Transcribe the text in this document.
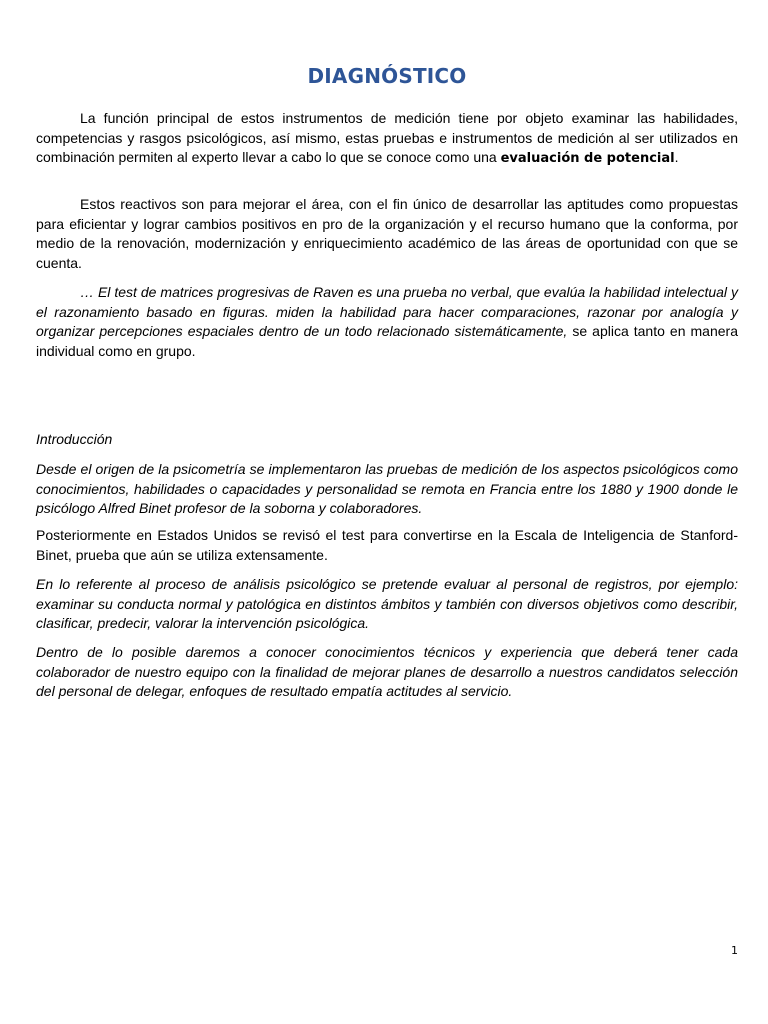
DIAGNÓSTICO

La función principal de estos instrumentos de medición tiene por objeto examinar las habilidades, competencias y rasgos psicológicos, así mismo, estas pruebas e instrumentos de medición al ser utilizados en combinación permiten al experto llevar a cabo lo que se conoce como una evaluación de potencial.

Estos reactivos son para mejorar el área, con el fin único de desarrollar las aptitudes como propuestas para eficientar y lograr cambios positivos en pro de la organización y el recurso humano que la conforma, por medio de la renovación, modernización y enriquecimiento académico de las áreas de oportunidad con que se cuenta.

… El test de matrices progresivas de Raven es una prueba no verbal, que evalúa la habilidad intelectual y el razonamiento basado en figuras. miden la habilidad para hacer comparaciones, razonar por analogía y organizar percepciones espaciales dentro de un todo relacionado sistemáticamente, se aplica tanto en manera individual como en grupo.

Introducción

Desde el origen de la psicometría se implementaron las pruebas de medición de los aspectos psicológicos como conocimientos, habilidades o capacidades y personalidad se remota en Francia entre los 1880 y 1900 donde le psicólogo Alfred Binet profesor de la soborna y colaboradores.

Posteriormente en Estados Unidos se revisó el test para convertirse en la Escala de Inteligencia de Stanford-Binet, prueba que aún se utiliza extensamente.

En lo referente al proceso de análisis psicológico se pretende evaluar al personal de registros, por ejemplo: examinar su conducta normal y patológica en distintos ámbitos y también con diversos objetivos como describir, clasificar, predecir, valorar la intervención psicológica.

Dentro de lo posible daremos a conocer conocimientos técnicos y experiencia que deberá tener cada colaborador de nuestro equipo con la finalidad de mejorar planes de desarrollo a nuestros candidatos selección del personal de delegar, enfoques de resultado empatía actitudes al servicio.

1
